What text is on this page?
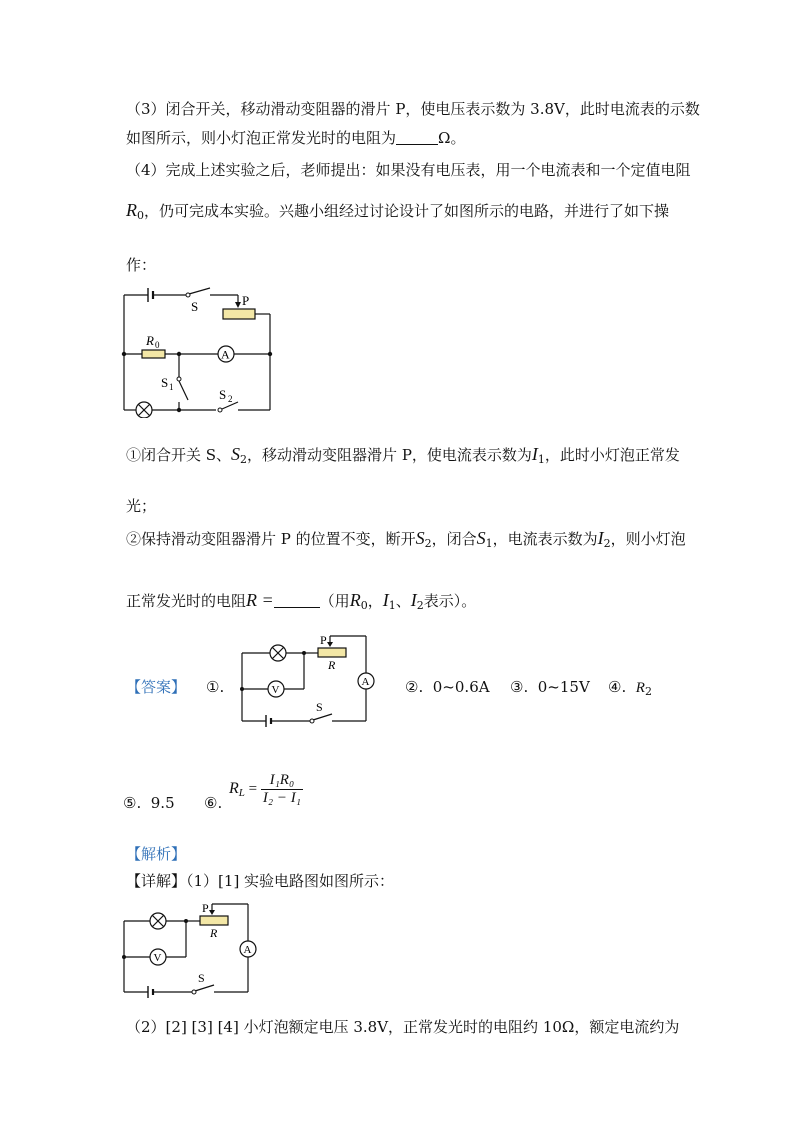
（3）闭合开关，移动滑动变阻器的滑片 P，使电压表示数为 3.8V，此时电流表的示数
如图所示，则小灯泡正常发光时的电阻为	Ω。
（4）完成上述实验之后，老师提出：如果没有电压表，用一个电流表和一个定值电阻
$R_0$，仍可完成本实验。兴趣小组经过讨论设计了如图所示的电路，并进行了如下操
作：
S	P
R 0
A
S 1	S 2
①闭合开关 S、$S_2$，移动滑动变阻器滑片 P，使电流表示数为$I_1$，此时小灯泡正常发
光；
②保持滑动变阻器滑片 P 的位置不变，断开$S_2$，闭合$S_1$，电流表示数为$I_2$，则小灯泡
正常发光时的电阻R =	（用$R_0$，$I_1$、$I_2$表示）。
【答案】 ①.
P
R
V
A
S
②. 0~0.6A ③. 0~15V ④. $R_2$
⑤. 9.5 ⑥.
$R_L = \frac{\text{I₁R₀}}{\text{I₂ − I₁}}$
【解析】
【详解】（1）[1] 实验电路图如图所示：
P
R
V
A
S
（2）[2] [3] [4] 小灯泡额定电压 3.8V，正常发光时的电阻约 10Ω，额定电流约为
